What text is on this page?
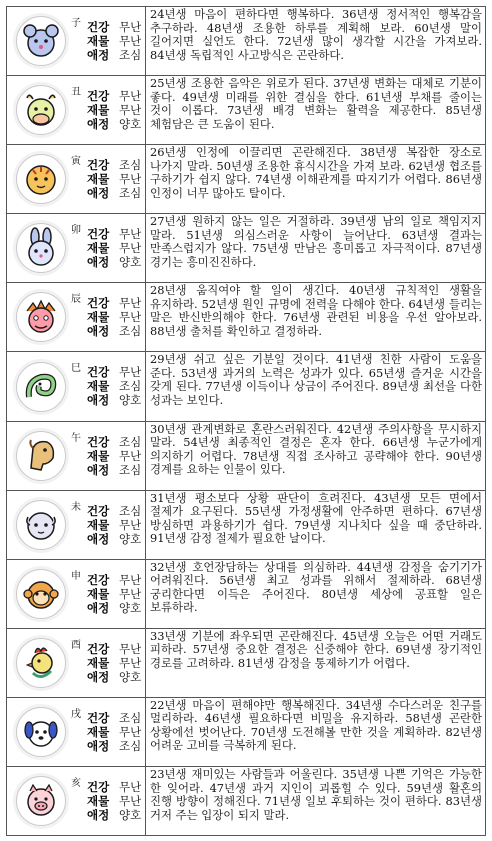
子 건강 무난
재물 무난
애정 조심
24년생 마음이 편하다면 행복하다. 36년생 정서적인 행복감을 추구하라. 48년생 조용한 하루를 계획해 보라. 60년생 말이 길어지면 실언도 한다. 72년생 많이 생각할 시간을 가져보라. 84년생 독립적인 사고방식은 곤란하다.
丑 건강 무난
재물 무난
애정 양호
25년생 조용한 음악은 위로가 된다. 37년생 변화는 대체로 기분이 좋다. 49년생 미래를 위한 결심을 한다. 61년생 부채를 줄이는 것이 이롭다. 73년생 배경 변화는 활력을 제공한다. 85년생 체험담은 큰 도움이 된다.
寅 건강 조심
재물 무난
애정 조심
26년생 인정에 이끌리면 곤란해진다. 38년생 복잡한 장소로 나가지 말라. 50년생 조용한 휴식시간을 가져 보라. 62년생 협조를 구하기가 쉽지 않다. 74년생 이해관계를 따지기가 어렵다. 86년생 인정이 너무 많아도 탈이다.
卯 건강 무난
재물 무난
애정 양호
27년생 원하지 않는 일은 거절하라. 39년생 남의 일로 책임지지 말라. 51년생 의심스러운 사항이 늘어난다. 63년생 결과는 만족스럽지가 않다. 75년생 만남은 흥미롭고 자극적이다. 87년생 경기는 흥미진진하다.
辰 건강 무난
재물 무난
애정 조심
28년생 움직여야 할 일이 생긴다. 40년생 규칙적인 생활을 유지하라. 52년생 원인 규명에 전력을 다해야 한다. 64년생 들리는 말은 반신반의해야 한다. 76년생 관련된 비용을 우선 알아보라. 88년생 출처를 확인하고 결정하라.
巳 건강 무난
재물 조심
애정 양호
29년생 쉬고 싶은 기분일 것이다. 41년생 친한 사람이 도움을 준다. 53년생 과거의 노력은 성과가 있다. 65년생 즐거운 시간을 갖게 된다. 77년생 이득이나 상금이 주어진다. 89년생 최선을 다한 성과는 보인다.
午 건강 조심
재물 무난
애정 조심
30년생 관계변화로 혼란스러워진다. 42년생 주의사항을 무시하지 말라. 54년생 최종적인 결정은 혼자 한다. 66년생 누군가에게 의지하기 어렵다. 78년생 직접 조사하고 공략해야 한다. 90년생 경계를 요하는 인물이 있다.
未 건강 조심
재물 무난
애정 양호
31년생 평소보다 상황 판단이 흐려진다. 43년생 모든 면에서 절제가 요구된다. 55년생 가정생활에 안주하면 편하다. 67년생 방심하면 과용하기가 쉽다. 79년생 지나치다 싶을 때 중단하라. 91년생 감정 절제가 필요한 날이다.
申 건강 무난
재물 무난
애정 양호
32년생 호언장담하는 상대를 의심하라. 44년생 감정을 숨기기가 어려워진다. 56년생 최고 성과를 위해서 절제하라. 68년생 궁리한다면 이득은 주어진다. 80년생 세상에 공표할 일은 보류하라.
酉 건강 무난
재물 무난
애정 양호
33년생 기분에 좌우되면 곤란해진다. 45년생 오늘은 어떤 거래도 피하라. 57년생 중요한 결정은 신중해야 한다. 69년생 장기적인 경로를 고려하라. 81년생 감정을 통제하기가 어렵다.
戌 건강 조심
재물 무난
애정 조심
22년생 마음이 편해야만 행복해진다. 34년생 수다스러운 친구를 멀리하라. 46년생 필요하다면 비밀을 유지하라. 58년생 곤란한 상황에선 벗어난다. 70년생 도전해볼 만한 것을 계획하라. 82년생 어려운 고비를 극복하게 된다.
亥 건강 무난
재물 무난
애정 양호
23년생 재미있는 사람들과 어울린다. 35년생 나쁜 기억은 가능한 한 잊어라. 47년생 과거 지인이 괴롭힐 수 있다. 59년생 활혼의 진행 방향이 정해진다. 71년생 일보 후퇴하는 것이 편하다. 83년생 거저 주는 입장이 되지 말라.
